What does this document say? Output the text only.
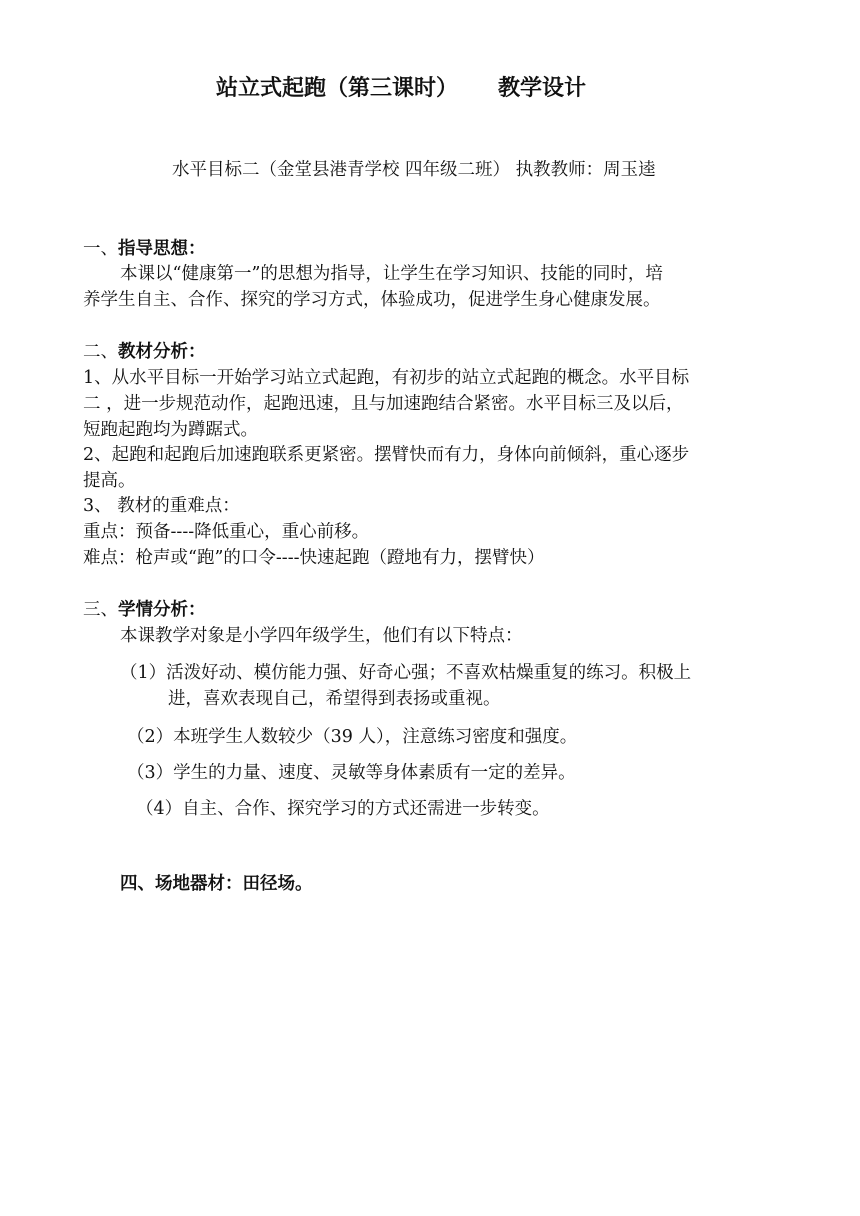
站立式起跑（第三课时） 教学设计
水平目标二（金堂县港青学校 四年级二班） 执教教师：周玉逵
一、指导思想：
本课以“健康第一”的思想为指导，让学生在学习知识、技能的同时，培
养学生自主、合作、探究的学习方式，体验成功，促进学生身心健康发展。
二、教材分析：
1、从水平目标一开始学习站立式起跑，有初步的站立式起跑的概念。水平目标
二 ，进一步规范动作，起跑迅速，且与加速跑结合紧密。水平目标三及以后，
短跑起跑均为蹲踞式。
2、起跑和起跑后加速跑联系更紧密。摆臂快而有力，身体向前倾斜，重心逐步
提高。
3、 教材的重难点：
重点：预备----降低重心，重心前移。
难点：枪声或“跑”的口令----快速起跑（蹬地有力，摆臂快）
三、学情分析：
本课教学对象是小学四年级学生，他们有以下特点：
（1）活泼好动、模仿能力强、好奇心强；不喜欢枯燥重复的练习。积极上
进，喜欢表现自己，希望得到表扬或重视。
（2）本班学生人数较少（39 人），注意练习密度和强度。
（3）学生的力量、速度、灵敏等身体素质有一定的差异。
（4）自主、合作、探究学习的方式还需进一步转变。
四、场地器材：田径场。
